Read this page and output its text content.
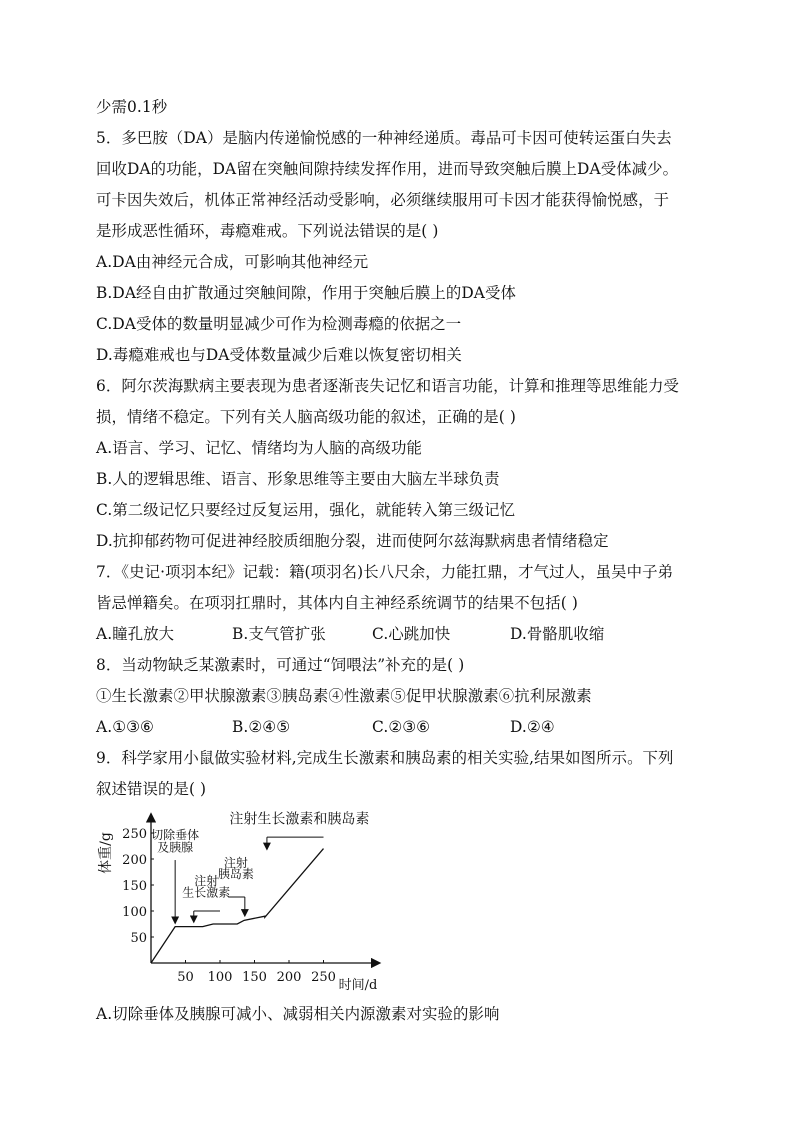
少需0.1秒
5．多巴胺（DA）是脑内传递愉悦感的一种神经递质。毒品可卡因可使转运蛋白失去
回收DA的功能，DA留在突触间隙持续发挥作用，进而导致突触后膜上DA受体减少。
可卡因失效后，机体正常神经活动受影响，必须继续服用可卡因才能获得愉悦感，于
是形成恶性循环，毒瘾难戒。下列说法错误的是( )
A.DA由神经元合成，可影响其他神经元
B.DA经自由扩散通过突触间隙，作用于突触后膜上的DA受体
C.DA受体的数量明显减少可作为检测毒瘾的依据之一
D.毒瘾难戒也与DA受体数量减少后难以恢复密切相关
6．阿尔茨海默病主要表现为患者逐渐丧失记忆和语言功能，计算和推理等思维能力受
损，情绪不稳定。下列有关人脑高级功能的叙述，正确的是( )
A.语言、学习、记忆、情绪均为人脑的高级功能
B.人的逻辑思维、语言、形象思维等主要由大脑左半球负责
C.第二级记忆只要经过反复运用，强化，就能转入第三级记忆
D.抗抑郁药物可促进神经胶质细胞分裂，进而使阿尔兹海默病患者情绪稳定
7．《史记·项羽本纪》记载：籍(项羽名)长八尺余，力能扛鼎，才气过人，虽吴中子弟
皆忌惮籍矣。在项羽扛鼎时，其体内自主神经系统调节的结果不包括( )
A.瞳孔放大	B.支气管扩张	C.心跳加快	D.骨骼肌收缩
8．当动物缺乏某激素时，可通过“饲喂法”补充的是( )
①生长激素②甲状腺激素③胰岛素④性激素⑤促甲状腺激素⑥抗利尿激素
A.①③⑥	B.②④⑤	C.②③⑥	D.②④
9．科学家用小鼠做实验材料,完成生长激素和胰岛素的相关实验,结果如图所示。下列
叙述错误的是( )
50 100 150 200 250
50
100
150
200
250
时间/d
体重/g	切除垂体
及胰腺
注射
生长激素
注射
胰岛素
注射生长激素和胰岛素
A.切除垂体及胰腺可减小、减弱相关内源激素对实验的影响
